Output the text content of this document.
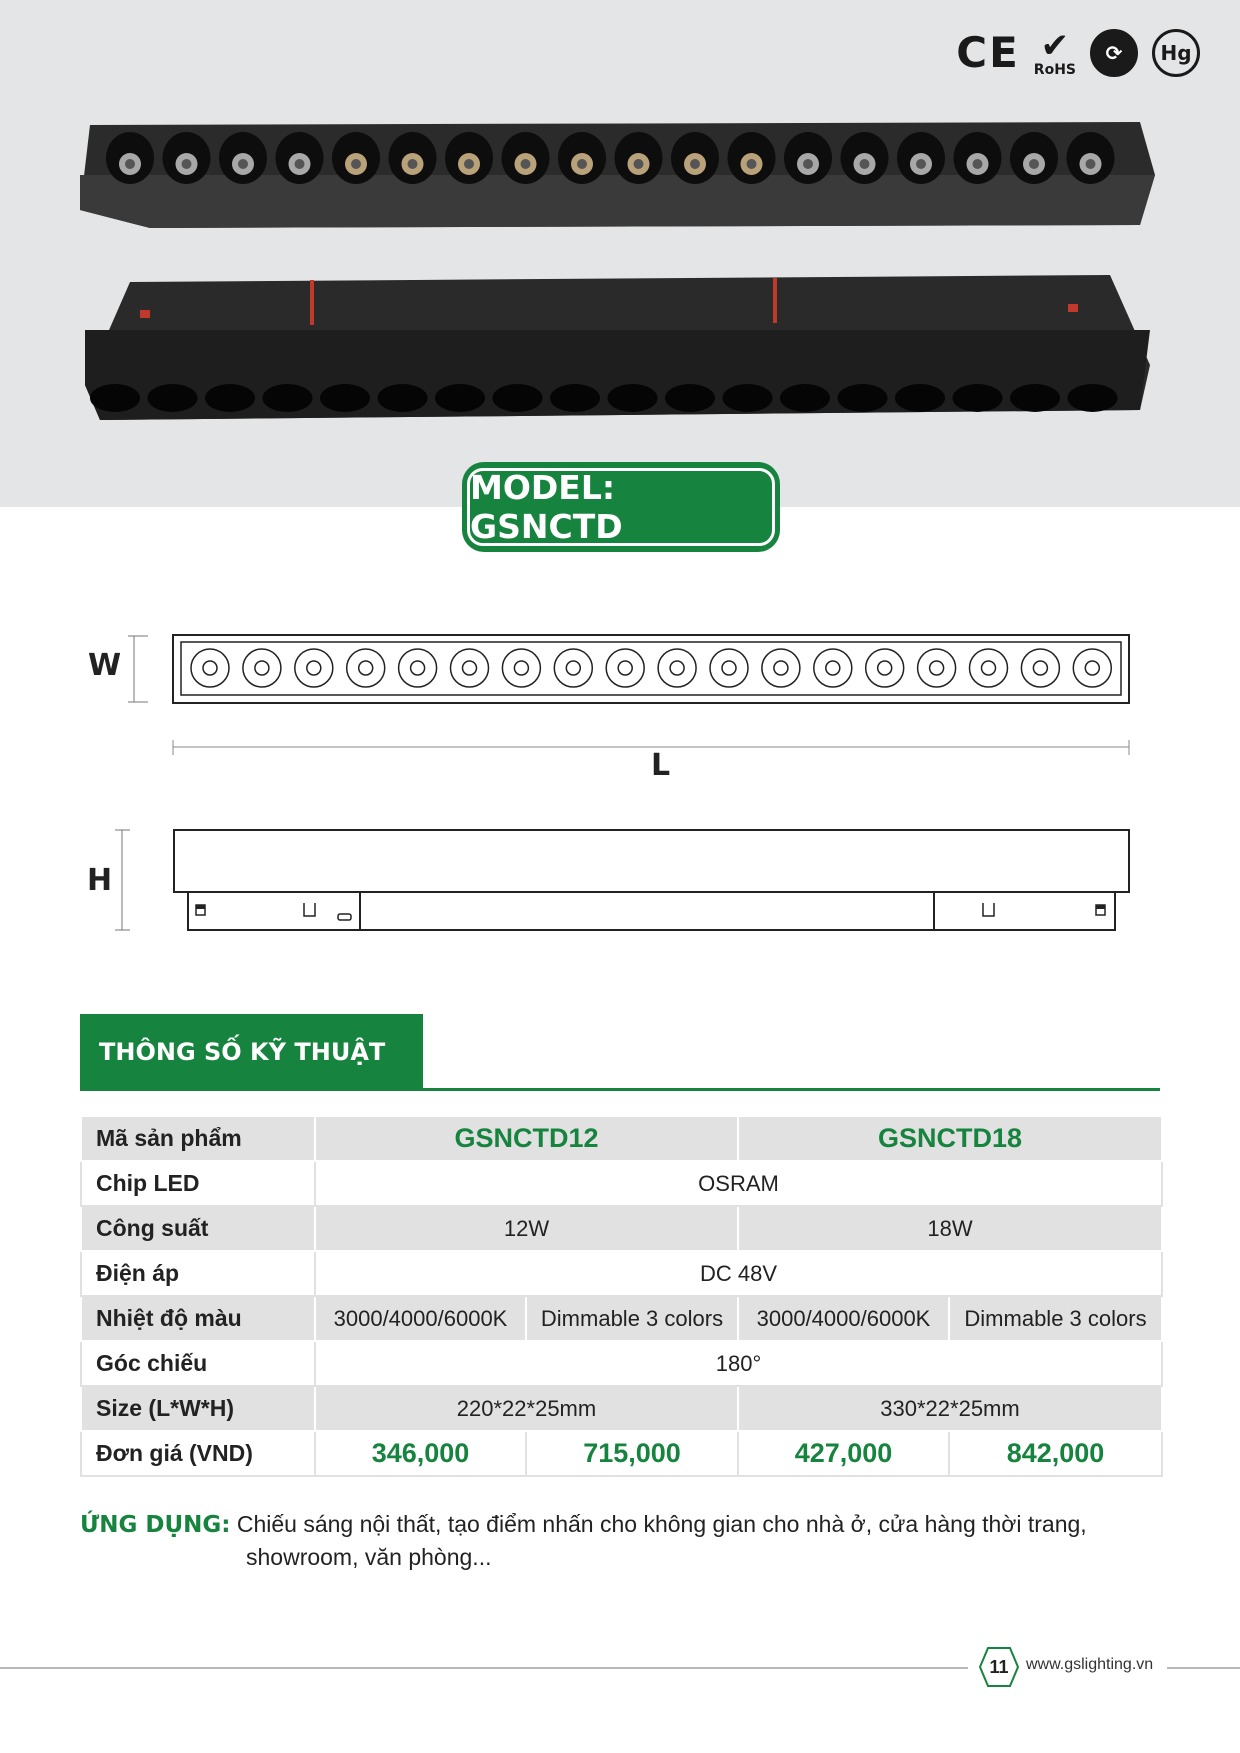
CE ✔
RoHS
⟳	Hg
MODEL: GSNCTD
W
L
H
THÔNG SỐ KỸ THUẬT
Mã sản phẩm	GSNCTD12		GSNCTD18	
Chip LED	OSRAM			
Công suất	12W		18W	
Điện áp	DC 48V			
Nhiệt độ màu	3000/4000/6000K	Dimmable 3 colors	3000/4000/6000K	Dimmable 3 colors
Góc chiếu	180°			
Size (L*W*H)	220*22*25mm		330*22*25mm	
Đơn giá (VND)	346,000	715,000	427,000	842,000
ỨNG DỤNG: Chiếu sáng nội thất, tạo điểm nhấn cho không gian cho nhà ở, cửa hàng thời trang,
showroom, văn phòng...
11	www.gslighting.vn
